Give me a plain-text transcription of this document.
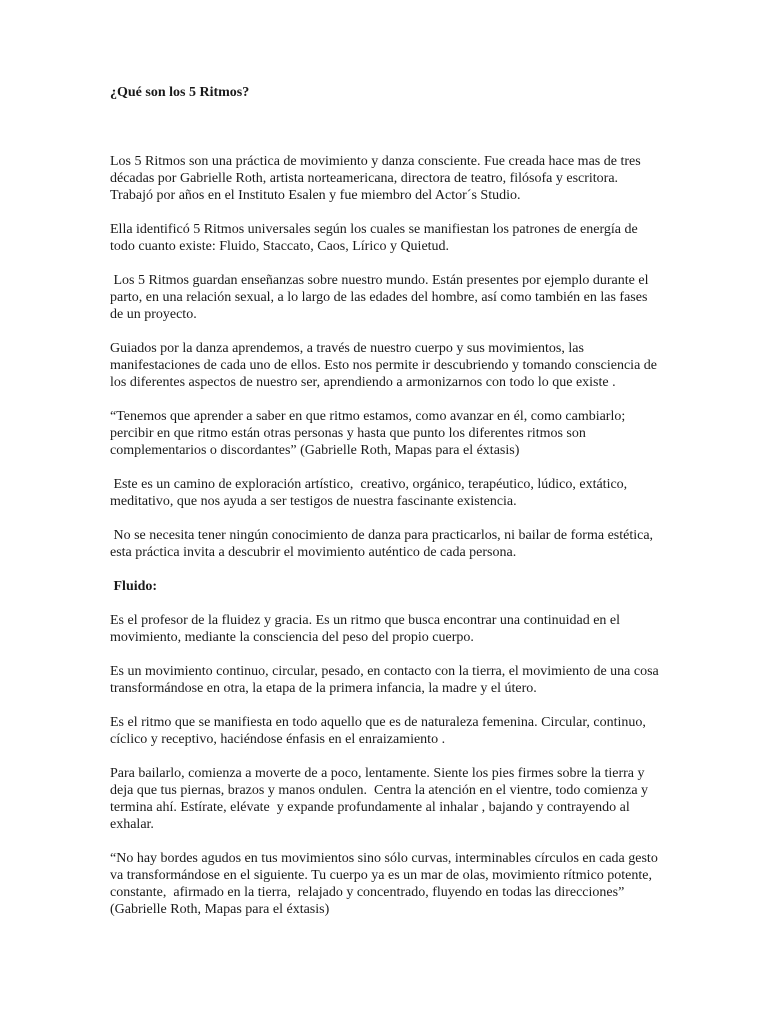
¿Qué son los 5 Ritmos?

Los 5 Ritmos son una práctica de movimiento y danza consciente. Fue creada hace mas de tres décadas por Gabrielle Roth, artista norteamericana, directora de teatro, filósofa y escritora. Trabajó por años en el Instituto Esalen y fue miembro del Actor´s Studio.

Ella identificó 5 Ritmos universales según los cuales se manifiestan los patrones de energía de todo cuanto existe: Fluido, Staccato, Caos, Lírico y Quietud.

Los 5 Ritmos guardan enseñanzas sobre nuestro mundo. Están presentes por ejemplo durante el parto, en una relación sexual, a lo largo de las edades del hombre, así como también en las fases de un proyecto.

Guiados por la danza aprendemos, a través de nuestro cuerpo y sus movimientos, las manifestaciones de cada uno de ellos. Esto nos permite ir descubriendo y tomando consciencia de los diferentes aspectos de nuestro ser, aprendiendo a armonizarnos con todo lo que existe .

“Tenemos que aprender a saber en que ritmo estamos, como avanzar en él, como cambiarlo; percibir en que ritmo están otras personas y hasta que punto los diferentes ritmos son complementarios o discordantes” (Gabrielle Roth, Mapas para el éxtasis)

Este es un camino de exploración artístico,  creativo, orgánico, terapéutico, lúdico, extático, meditativo, que nos ayuda a ser testigos de nuestra fascinante existencia.

No se necesita tener ningún conocimiento de danza para practicarlos, ni bailar de forma estética, esta práctica invita a descubrir el movimiento auténtico de cada persona.

Fluido:

Es el profesor de la fluidez y gracia. Es un ritmo que busca encontrar una continuidad en el movimiento, mediante la consciencia del peso del propio cuerpo.

Es un movimiento continuo, circular, pesado, en contacto con la tierra, el movimiento de una cosa transformándose en otra, la etapa de la primera infancia, la madre y el útero.

Es el ritmo que se manifiesta en todo aquello que es de naturaleza femenina. Circular, continuo, cíclico y receptivo, haciéndose énfasis en el enraizamiento .

Para bailarlo, comienza a moverte de a poco, lentamente. Siente los pies firmes sobre la tierra y deja que tus piernas, brazos y manos ondulen.  Centra la atención en el vientre, todo comienza y termina ahí. Estírate, elévate  y expande profundamente al inhalar , bajando y contrayendo al exhalar.

“No hay bordes agudos en tus movimientos sino sólo curvas, interminables círculos en cada gesto va transformándose en el siguiente. Tu cuerpo ya es un mar de olas, movimiento rítmico potente, constante,  afirmado en la tierra,  relajado y concentrado, fluyendo en todas las direcciones” (Gabrielle Roth, Mapas para el éxtasis)
